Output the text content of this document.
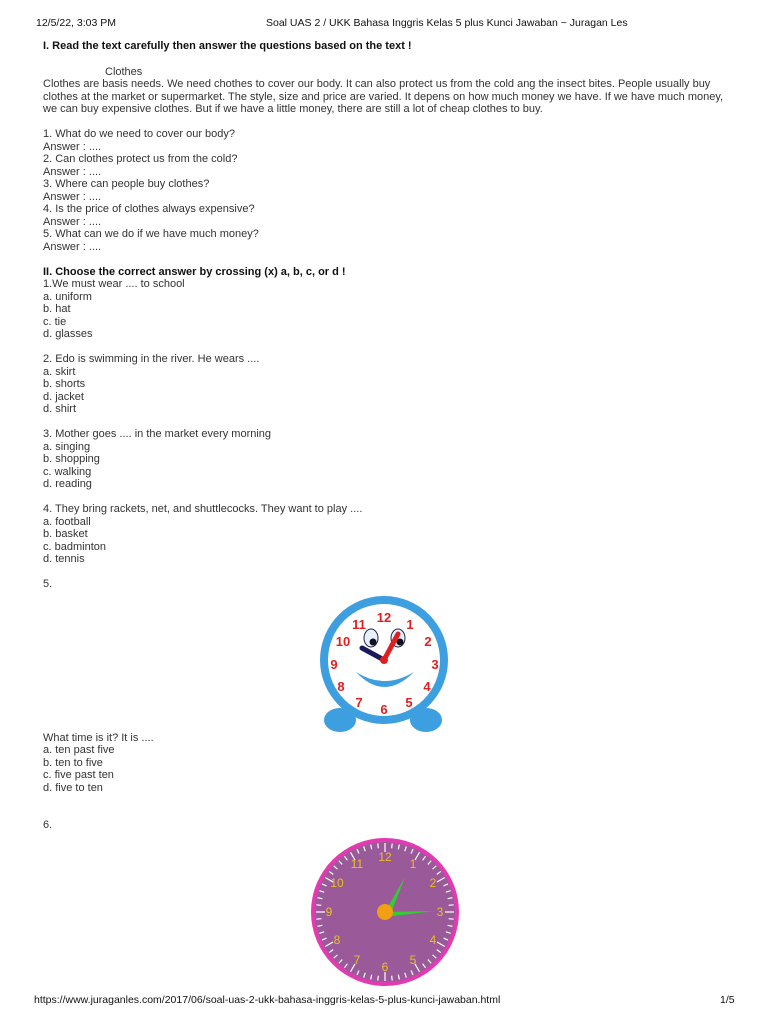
12/5/22, 3:03 PM	Soal UAS 2 / UKK Bahasa Inggris Kelas 5 plus Kunci Jawaban ~ Juragan Les
I. Read the text carefully then answer the questions based on the text !
Clothes
Clothes are basis needs. We need chothes to cover our body. It can also protect us from the cold ang the insect bites. People usually buy clothes at the market or supermarket. The style, size and price are varied. It depens on how much money we have. If we have much money, we can buy expensive clothes. But if we have a little money, there are still a lot of cheap clothes to buy.
1. What do we need to cover our body?
Answer : ....
2. Can clothes protect us from the cold?
Answer : ....
3. Where can people buy clothes?
Answer : ....
4. Is the price of clothes always expensive?
Answer : ....
5. What can we do if we have much money?
Answer : ....
II. Choose the correct answer by crossing (x) a, b, c, or d !
1.We must wear .... to school
a. uniform
b. hat
c. tie
d. glasses
2. Edo is swimming in the river. He wears ....
a. skirt
b. shorts
d. jacket
d. shirt
3. Mother goes .... in the market every morning
a. singing
b. shopping
c. walking
d. reading
4. They bring rackets, net, and shuttlecocks. They want to play ....
a. football
b. basket
c. badminton
d. tennis
5.
What time is it? It is ....
a. ten past five
b. ten to five
c. five past ten
d. five to ten
6.
12 1
2
3
4
5
6
7
8
9
10
11
12 1
2
3
4
5
6
7
8
9
10
11
https://www.juraganles.com/2017/06/soal-uas-2-ukk-bahasa-inggris-kelas-5-plus-kunci-jawaban.html	1/5
